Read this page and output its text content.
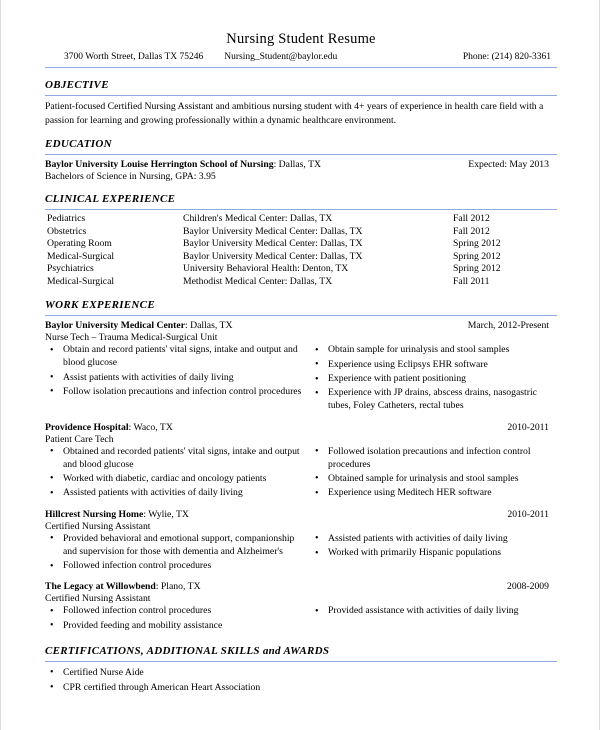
Nursing Student Resume
3700 Worth Street, Dallas TX 75246 Nursing_Student@baylor.edu	Phone: (214) 820-3361
OBJECTIVE
Patient-focused Certified Nursing Assistant and ambitious nursing student with 4+ years of experience in health care field with a passion for learning and growing professionally within a dynamic healthcare environment.
EDUCATION
Baylor University Louise Herrington School of Nursing: Dallas, TX	Expected: May 2013
Bachelors of Science in Nursing, GPA: 3.95
CLINICAL EXPERIENCE
Pediatrics	Children's Medical Center: Dallas, TX	Fall 2012
Obstetrics	Baylor University Medical Center: Dallas, TX	Fall 2012
Operating Room	Baylor University Medical Center: Dallas, TX	Spring 2012
Medical-Surgical	Baylor University Medical Center: Dallas, TX	Spring 2012
Psychiatrics	University Behavioral Health: Denton, TX	Spring 2012
Medical-Surgical	Methodist Medical Center: Dallas, TX	Fall 2011
WORK EXPERIENCE
Baylor University Medical Center: Dallas, TX	March, 2012-Present
Nurse Tech – Trauma Medical-Surgical Unit
• Obtain and record patients' vital signs, intake and output and blood glucose
• Assist patients with activities of daily living
• Follow isolation precautions and infection control procedures
• Obtain sample for urinalysis and stool samples
• Experience using Eclipsys EHR software
• Experience with patient positioning
• Experience with JP drains, abscess drains, nasogastric tubes, Foley Catheters, rectal tubes
Providence Hospital: Waco, TX	2010-2011
Patient Care Tech
• Obtained and recorded patients' vital signs, intake and output and blood glucose
• Worked with diabetic, cardiac and oncology patients
• Assisted patients with activities of daily living
• Followed isolation precautions and infection control procedures
• Obtained sample for urinalysis and stool samples
• Experience using Meditech HER software
Hillcrest Nursing Home: Wylie, TX	2010-2011
Certified Nursing Assistant
• Provided behavioral and emotional support, companionship and supervision for those with dementia and Alzheimer's
• Followed infection control procedures
• Assisted patients with activities of daily living
• Worked with primarily Hispanic populations
The Legacy at Willowbend: Plano, TX	2008-2009
Certified Nursing Assistant
• Followed infection control procedures
• Provided feeding and mobility assistance
• Provided assistance with activities of daily living
CERTIFICATIONS, ADDITIONAL SKILLS and AWARDS
• Certified Nurse Aide
• CPR certified through American Heart Association
